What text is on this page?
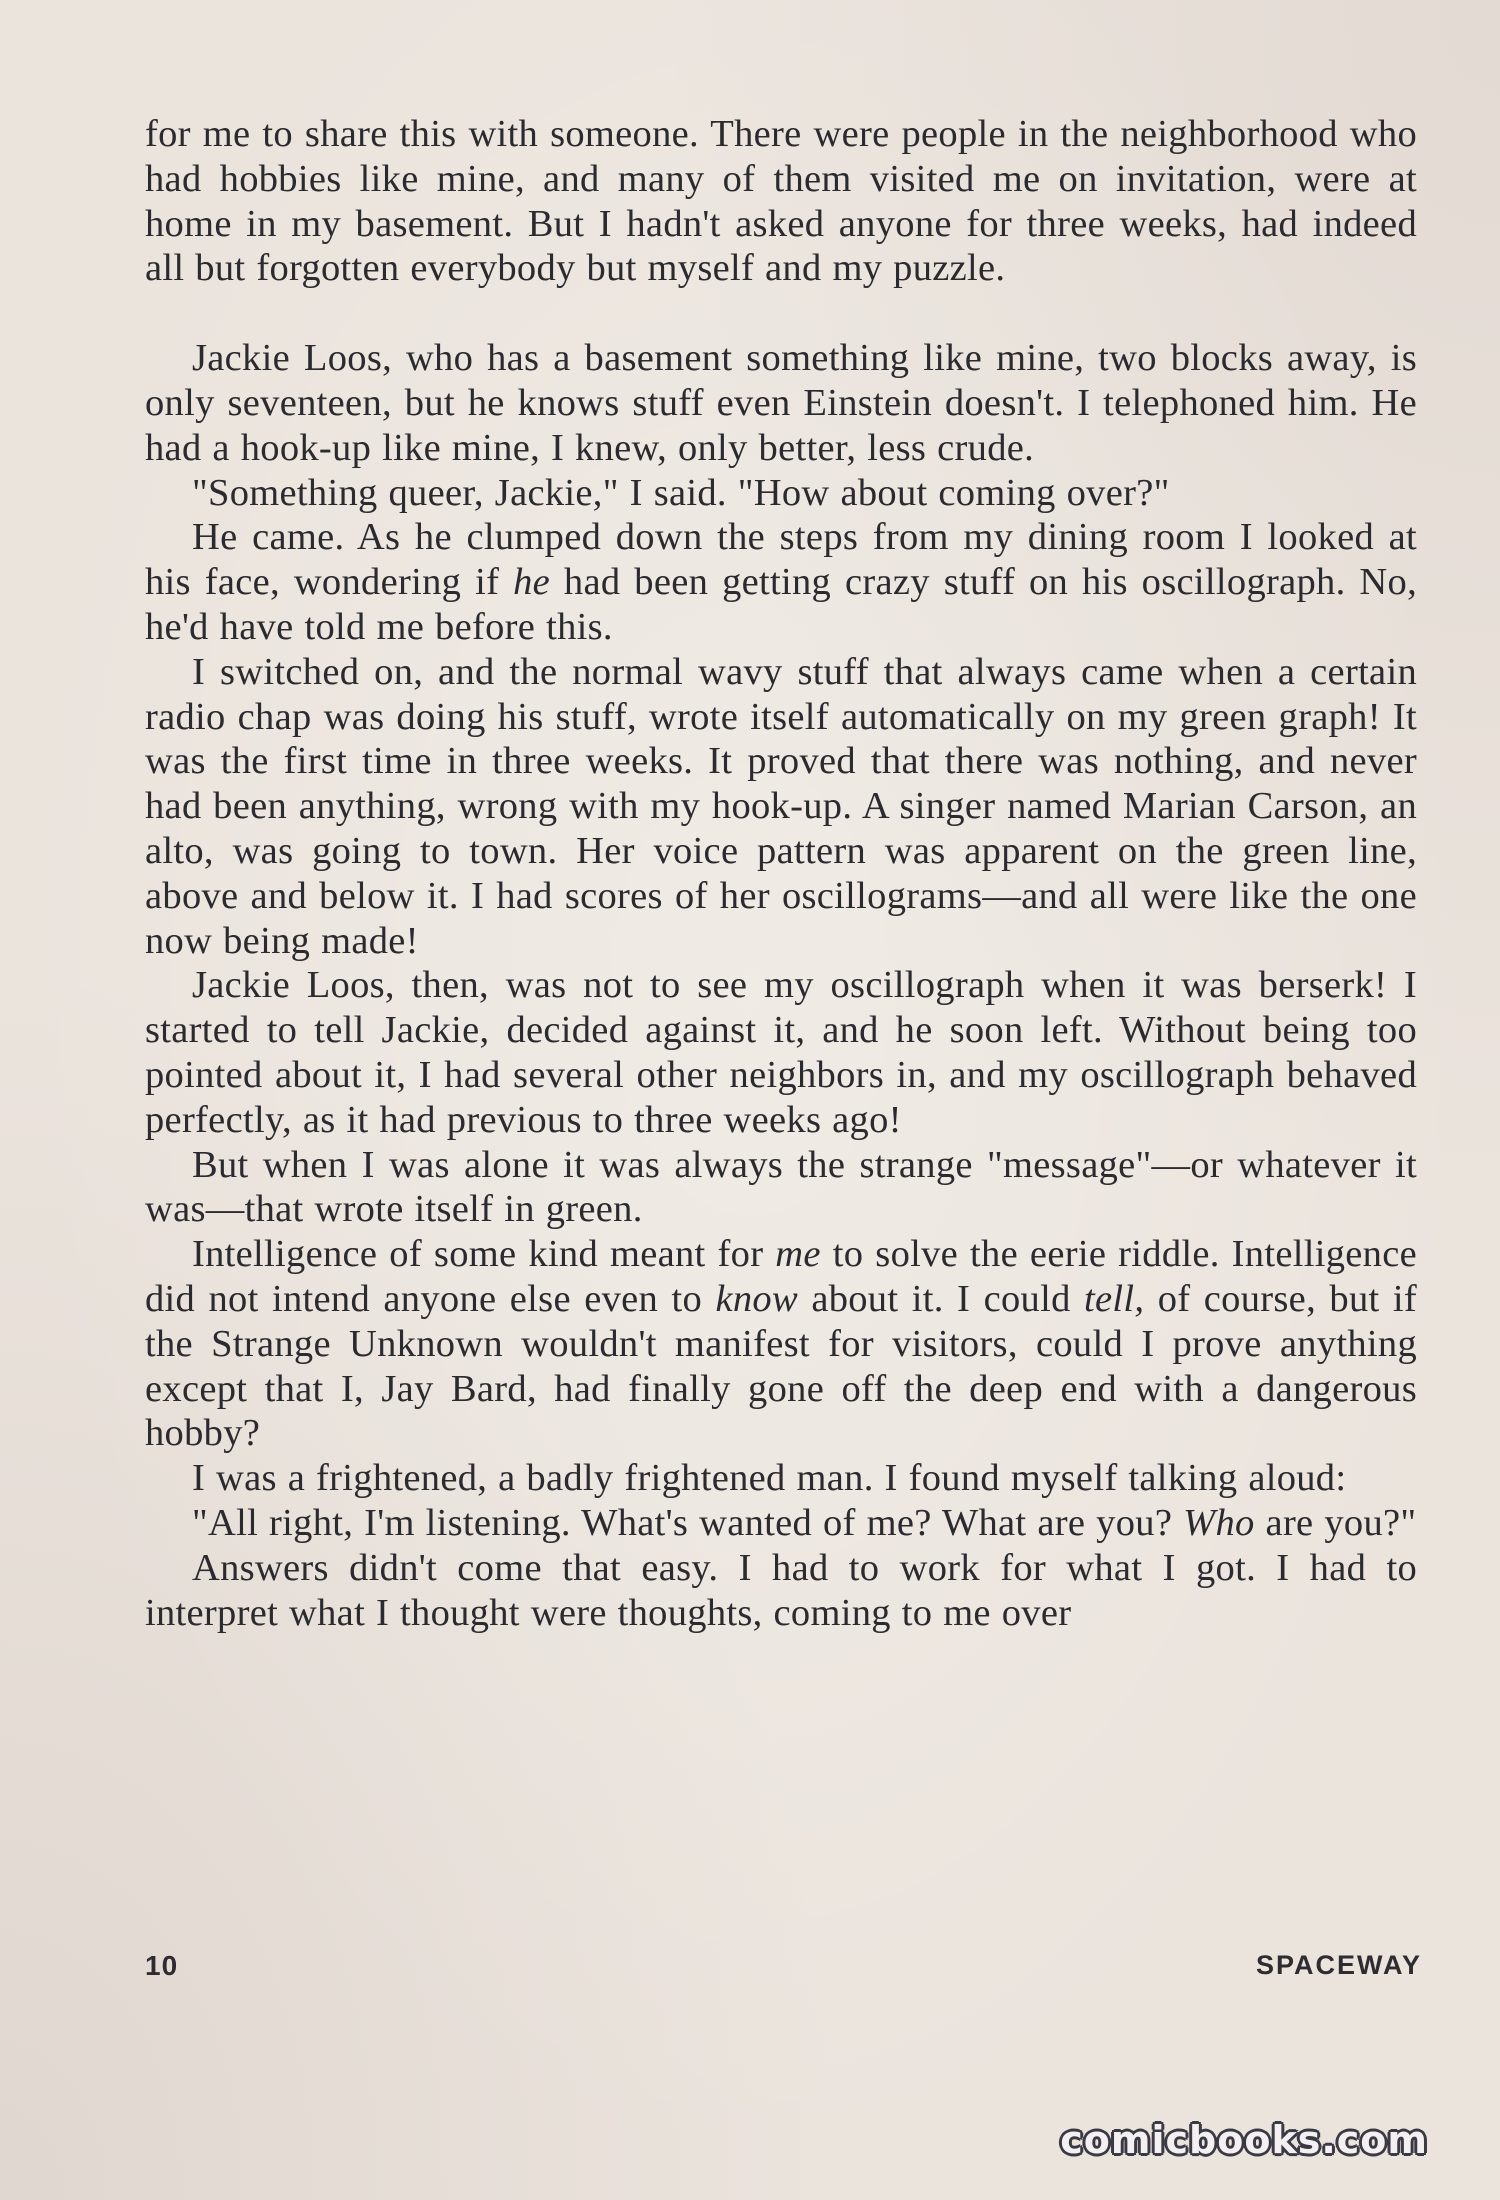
for me to share this with someone. There were people in the neighborhood who had hobbies like mine, and many of them visited me on invitation, were at home in my basement. But I hadn't asked anyone for three weeks, had indeed all but forgotten everybody but myself and my puzzle.

Jackie Loos, who has a basement something like mine, two blocks away, is only seventeen, but he knows stuff even Einstein doesn't. I telephoned him. He had a hook-up like mine, I knew, only better, less crude.

"Something queer, Jackie," I said. "How about coming over?"

He came. As he clumped down the steps from my dining room I looked at his face, wondering if he had been getting crazy stuff on his oscillograph. No, he'd have told me before this.

I switched on, and the normal wavy stuff that always came when a certain radio chap was doing his stuff, wrote itself automatically on my green graph! It was the first time in three weeks. It proved that there was nothing, and never had been anything, wrong with my hook-up. A singer named Marian Carson, an alto, was going to town. Her voice pattern was apparent on the green line, above and below it. I had scores of her oscillograms—and all were like the one now being made!

Jackie Loos, then, was not to see my oscillograph when it was berserk! I started to tell Jackie, decided against it, and he soon left. Without being too pointed about it, I had several other neighbors in, and my oscillograph behaved perfectly, as it had previous to three weeks ago!

But when I was alone it was always the strange "message"—or whatever it was—that wrote itself in green.

Intelligence of some kind meant for me to solve the eerie riddle. Intelligence did not intend anyone else even to know about it. I could tell, of course, but if the Strange Unknown wouldn't manifest for visitors, could I prove anything except that I, Jay Bard, had finally gone off the deep end with a dangerous hobby?

I was a frightened, a badly frightened man. I found myself talking aloud:

"All right, I'm listening. What's wanted of me? What are you? Who are you?"

Answers didn't come that easy. I had to work for what I got. I had to interpret what I thought were thoughts, coming to me over

10	SPACEWAY
comicbooks.com
